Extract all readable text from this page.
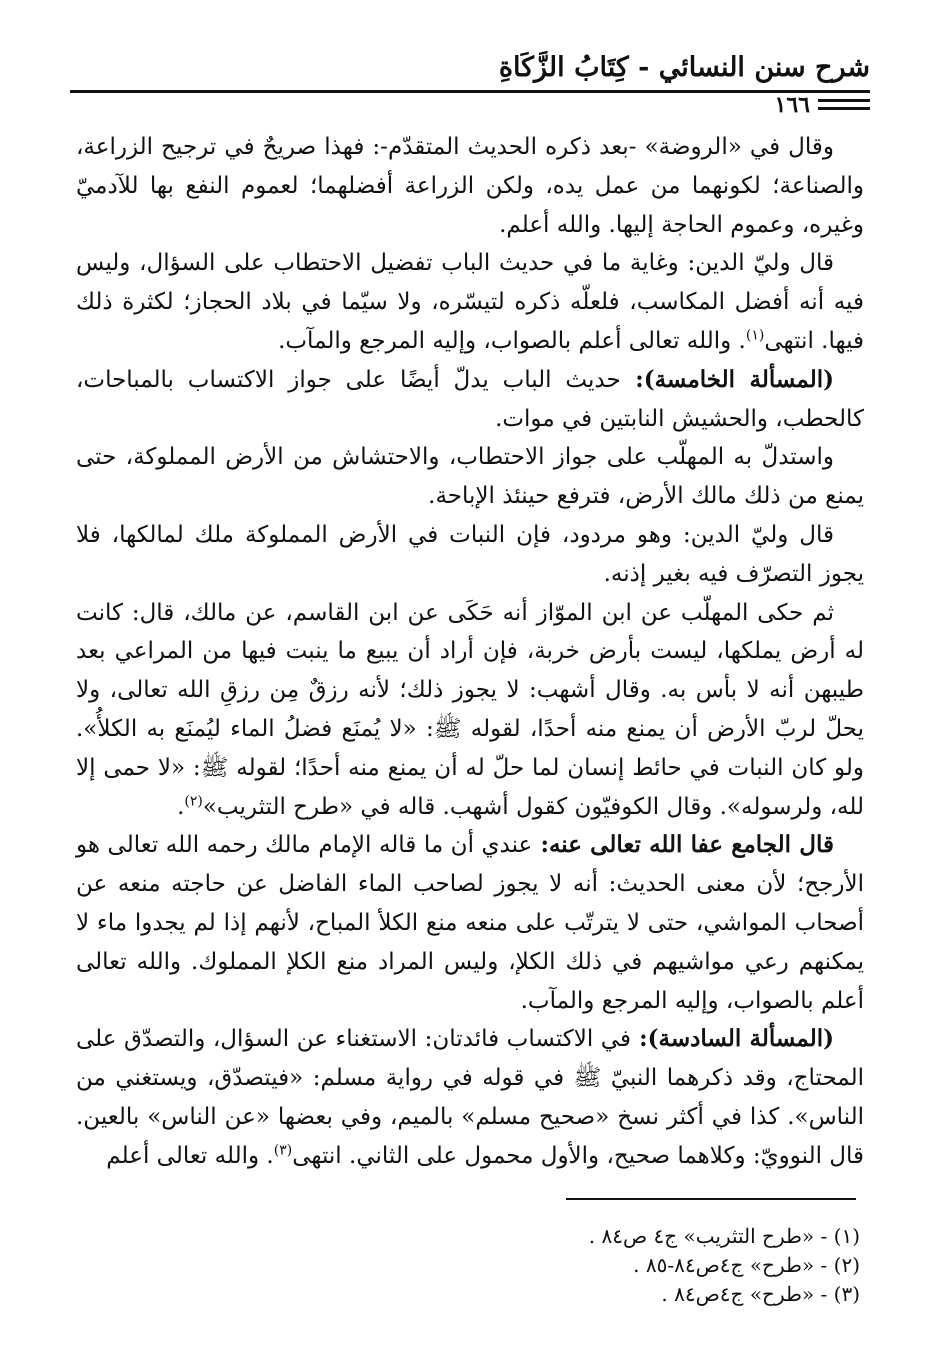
شرح سنن النسائي - كِتَابُ الزَّكَاةِ
١٦٦

وقال في «الروضة» -بعد ذكره الحديث المتقدّم-: فهذا صريحٌ في ترجيح الزراعة، والصناعة؛ لكونهما من عمل يده، ولكن الزراعة أفضلهما؛ لعموم النفع بها للآدميّ وغيره، وعموم الحاجة إليها. والله أعلم.

قال وليّ الدين: وغاية ما في حديث الباب تفضيل الاحتطاب على السؤال، وليس فيه أنه أفضل المكاسب، فلعلّه ذكره لتيسّره، ولا سيّما في بلاد الحجاز؛ لكثرة ذلك فيها. انتهى$^{(١)}$. والله تعالى أعلم بالصواب، وإليه المرجع والمآب.

(المسألة الخامسة): حديث الباب يدلّ أيضًا على جواز الاكتساب بالمباحات، كالحطب، والحشيش النابتين في موات.

واستدلّ به المهلّب على جواز الاحتطاب، والاحتشاش من الأرض المملوكة، حتى يمنع من ذلك مالك الأرض، فترفع حينئذ الإباحة.

قال وليّ الدين: وهو مردود، فإن النبات في الأرض المملوكة ملك لمالكها، فلا يجوز التصرّف فيه بغير إذنه.

ثم حكى المهلّب عن ابن الموّاز أنه حَكَى عن ابن القاسم، عن مالك، قال: كانت له أرض يملكها، ليست بأرض خربة، فإن أراد أن يبيع ما ينبت فيها من المراعي بعد طيبهن أنه لا بأس به. وقال أشهب: لا يجوز ذلك؛ لأنه رزقٌ مِن رزقِ الله تعالى، ولا يحلّ لربّ الأرض أن يمنع منه أحدًا، لقوله ﷺ: «لا يُمنَع فضلُ الماء ليُمنَع به الكلأُ». ولو كان النبات في حائط إنسان لما حلّ له أن يمنع منه أحدًا؛ لقوله ﷺ: «لا حمى إلا لله، ولرسوله». وقال الكوفيّون كقول أشهب. قاله في «طرح التثريب»$^{(٢)}$.

قال الجامع عفا الله تعالى عنه: عندي أن ما قاله الإمام مالك رحمه الله تعالى هو الأرجح؛ لأن معنى الحديث: أنه لا يجوز لصاحب الماء الفاضل عن حاجته منعه عن أصحاب المواشي، حتى لا يترتّب على منعه منع الكلأ المباح، لأنهم إذا لم يجدوا ماء لا يمكنهم رعي مواشيهم في ذلك الكلإ، وليس المراد منع الكلإ المملوك. والله تعالى أعلم بالصواب، وإليه المرجع والمآب.

(المسألة السادسة): في الاكتساب فائدتان: الاستغناء عن السؤال، والتصدّق على المحتاج، وقد ذكرهما النبيّ ﷺ في قوله في رواية مسلم: «فيتصدّق، ويستغني من الناس». كذا في أكثر نسخ «صحيح مسلم» بالميم، وفي بعضها «عن الناس» بالعين. قال النوويّ: وكلاهما صحيح، والأول محمول على الثاني. انتهى$^{(٣)}$. والله تعالى أعلم

(١) - «طرح التثريب» ج٤ ص٨٤ .
(٢) - «طرح» ج٤ص٨٤-٨٥ .
(٣) - «طرح» ج٤ص٨٤ .
